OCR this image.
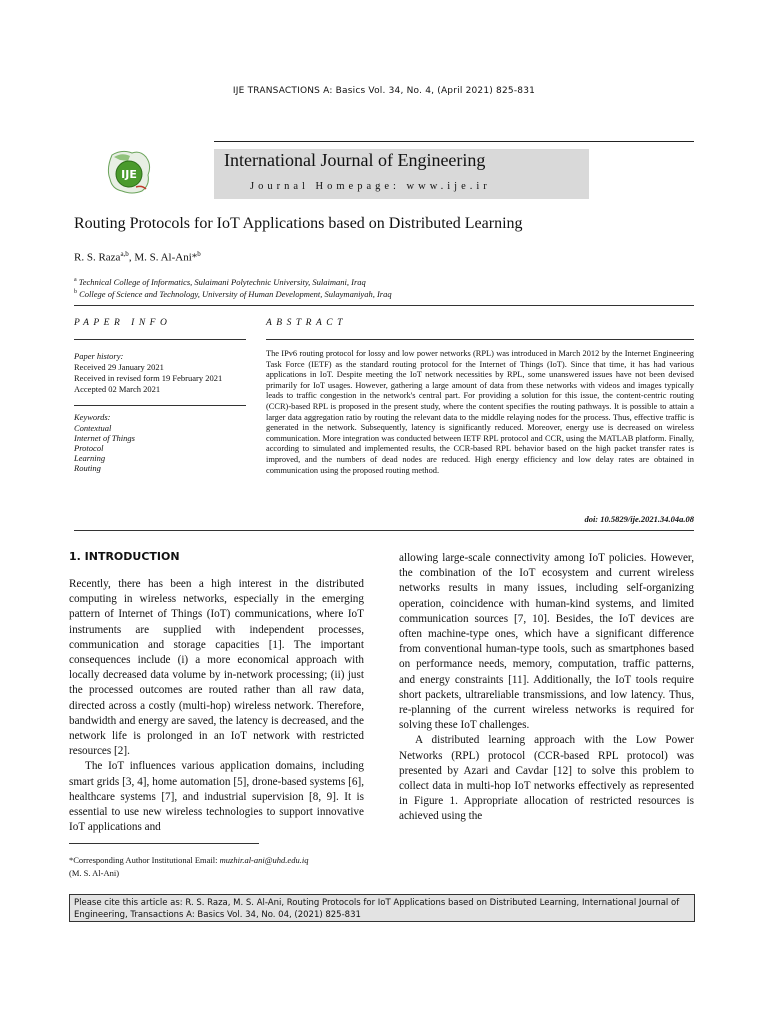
IJE TRANSACTIONS A: Basics Vol. 34, No. 4, (April 2021) 825-831
IJE
International Journal of Engineering
Journal Homepage: www.ije.ir
Routing Protocols for IoT Applications based on Distributed Learning
R. S. Raza$^{a,b}$, M. S. Al-Ani*$^b$
$^a$ Technical College of Informatics, Sulaimani Polytechnic University, Sulaimani, Iraq
$^b$ College of Science and Technology, University of Human Development, Sulaymaniyah, Iraq
PAPER INFO
Paper history:
Received 29 January 2021
Received in revised form 19 February 2021
Accepted 02 March 2021
Keywords:
Contextual
Internet of Things
Protocol
Learning
Routing
ABSTRACT
The IPv6 routing protocol for lossy and low power networks (RPL) was introduced in March 2012 by the Internet Engineering Task Force (IETF) as the standard routing protocol for the Internet of Things (IoT). Since that time, it has had various applications in IoT. Despite meeting the IoT network necessities by RPL, some unanswered issues have not been devised primarily for IoT usages. However, gathering a large amount of data from these networks with videos and images typically leads to traffic congestion in the network's central part. For providing a solution for this issue, the content-centric routing (CCR)-based RPL is proposed in the present study, where the content specifies the routing pathways. It is possible to attain a larger data aggregation ratio by routing the relevant data to the middle relaying nodes for the process. Thus, effective traffic is generated in the network. Subsequently, latency is significantly reduced. Moreover, energy use is decreased on wireless communication. More integration was conducted between IETF RPL protocol and CCR, using the MATLAB platform. Finally, according to simulated and implemented results, the CCR-based RPL behavior based on the high packet transfer rates is improved, and the numbers of dead nodes are reduced. High energy efficiency and low delay rates are obtained in communication using the proposed routing method.
doi: 10.5829/ije.2021.34.04a.08
1. INTRODUCTION

Recently, there has been a high interest in the distributed computing in wireless networks, especially in the emerging pattern of Internet of Things (IoT) communications, where IoT instruments are supplied with independent processes, communication and storage capacities [1]. The important consequences include (i) a more economical approach with locally decreased data volume by in-network processing; (ii) just the processed outcomes are routed rather than all raw data, directed across a costly (multi-hop) wireless network. Therefore, bandwidth and energy are saved, the latency is decreased, and the network life is prolonged in an IoT network with restricted resources [2].

The IoT influences various application domains, including smart grids [3, 4], home automation [5], drone-based systems [6], healthcare systems [7], and industrial supervision [8, 9]. It is essential to use new wireless technologies to support innovative IoT applications and

allowing large-scale connectivity among IoT policies. However, the combination of the IoT ecosystem and current wireless networks results in many issues, including self-organizing operation, coincidence with human-kind systems, and limited communication sources [7, 10]. Besides, the IoT devices are often machine-type ones, which have a significant difference from conventional human-type tools, such as smartphones based on performance needs, memory, computation, traffic patterns, and energy constraints [11]. Additionally, the IoT tools require short packets, ultrareliable transmissions, and low latency. Thus, re-planning of the current wireless networks is required for solving these IoT challenges.

A distributed learning approach with the Low Power Networks (RPL) protocol (CCR-based RPL protocol) was presented by Azari and Cavdar [12] to solve this problem to collect data in multi-hop IoT networks effectively as represented in Figure 1. Appropriate allocation of restricted resources is achieved using the

*Corresponding Author Institutional Email: muzhir.al-ani@uhd.edu.iq
(M. S. Al-Ani)
Please cite this article as: R. S. Raza, M. S. Al-Ani, Routing Protocols for IoT Applications based on Distributed Learning, International Journal of Engineering, Transactions A: Basics Vol. 34, No. 04, (2021) 825-831
